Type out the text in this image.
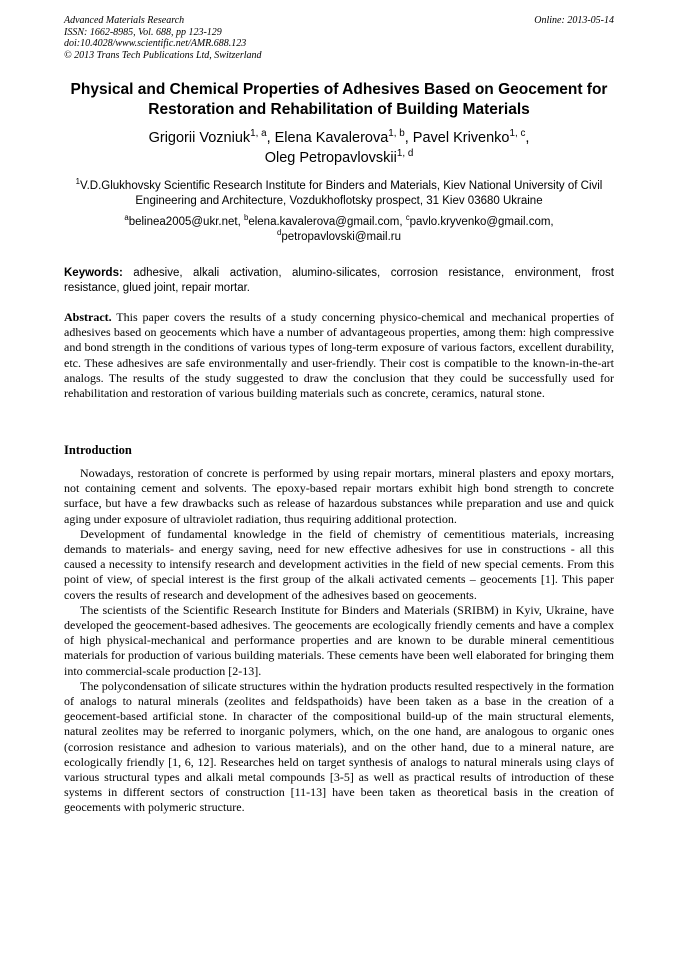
Advanced Materials Research
ISSN: 1662-8985, Vol. 688, pp 123-129
doi:10.4028/www.scientific.net/AMR.688.123
© 2013 Trans Tech Publications Ltd, Switzerland
Online: 2013-05-14
Physical and Chemical Properties of Adhesives Based on Geocement for Restoration and Rehabilitation of Building Materials
Grigorii Vozniuk$^{1, a}$, Elena Kavalerova$^{1, b}$, Pavel Krivenko$^{1, c}$,
Oleg Petropavlovskii$^{1, d}$
$^1$V.D.Glukhovsky Scientific Research Institute for Binders and Materials, Kiev National University of Civil Engineering and Architecture, Vozdukhoflotsky prospect, 31 Kiev 03680 Ukraine
$^a$belinea2005@ukr.net, $^b$elena.kavalerova@gmail.com, $^c$pavlo.kryvenko@gmail.com,
$^d$petropavlovski@mail.ru
Keywords: adhesive, alkali activation, alumino-silicates, corrosion resistance, environment, frost resistance, glued joint, repair mortar.
Abstract. This paper covers the results of a study concerning physico-chemical and mechanical properties of adhesives based on geocements which have a number of advantageous properties, among them: high compressive and bond strength in the conditions of various types of long-term exposure of various factors, excellent durability, etc. These adhesives are safe environmentally and user-friendly. Their cost is compatible to the known-in-the-art analogs. The results of the study suggested to draw the conclusion that they could be successfully used for rehabilitation and restoration of various building materials such as concrete, ceramics, natural stone.
Introduction

Nowadays, restoration of concrete is performed by using repair mortars, mineral plasters and epoxy mortars, not containing cement and solvents. The epoxy-based repair mortars exhibit high bond strength to concrete surface, but have a few drawbacks such as release of hazardous substances while preparation and use and quick aging under exposure of ultraviolet radiation, thus requiring additional protection.

Development of fundamental knowledge in the field of chemistry of cementitious materials, increasing demands to materials- and energy saving, need for new effective adhesives for use in constructions - all this caused a necessity to intensify research and development activities in the field of new special cements. From this point of view, of special interest is the first group of the alkali activated cements – geocements [1]. This paper covers the results of research and development of the adhesives based on geocements.

The scientists of the Scientific Research Institute for Binders and Materials (SRIBM) in Kyiv, Ukraine, have developed the geocement-based adhesives. The geocements are ecologically friendly cements and have a complex of high physical-mechanical and performance properties and are known to be durable mineral cementitious materials for production of various building materials. These cements have been well elaborated for bringing them into commercial-scale production [2-13].

The polycondensation of silicate structures within the hydration products resulted respectively in the formation of analogs to natural minerals (zeolites and feldspathoids) have been taken as a base in the creation of a geocement-based artificial stone. In character of the compositional build-up of the main structural elements, natural zeolites may be referred to inorganic polymers, which, on the one hand, are analogous to organic ones (corrosion resistance and adhesion to various materials), and on the other hand, due to a mineral nature, are ecologically friendly [1, 6, 12]. Researches held on target synthesis of analogs to natural minerals using clays of various structural types and alkali metal compounds [3-5] as well as practical results of introduction of these systems in different sectors of construction [11-13] have been taken as theoretical basis in the creation of geocements with polymeric structure.
